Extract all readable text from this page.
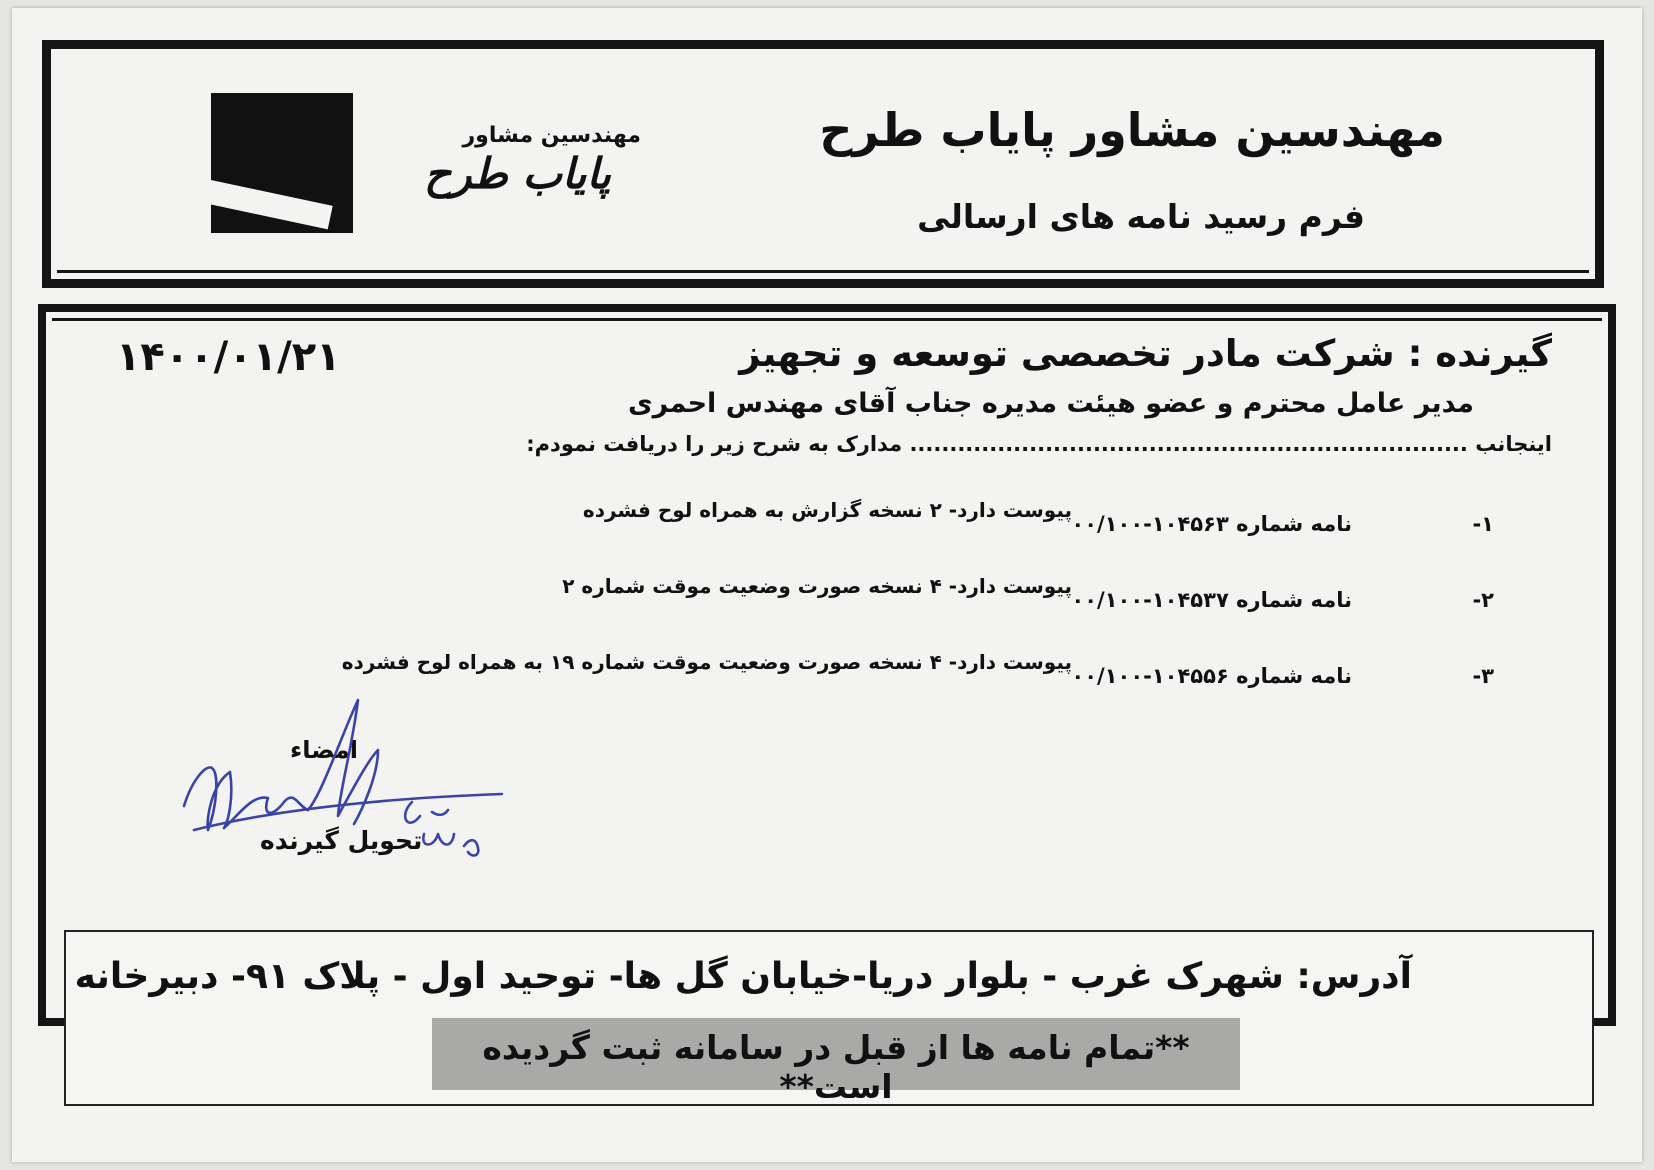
مهندسین مشاور
پایاب طرح
مهندسین مشاور پایاب طرح
فرم رسید نامه های ارسالی
۱۴۰۰/۰۱/۲۱	گیرنده : شرکت مادر تخصصی توسعه و تجهیز
مدیر عامل محترم و عضو هیئت مدیره جناب آقای مهندس احمری
اینجانب ...................................................................... مدارک به شرح زیر را دریافت نمودم:
۱-
نامه شماره ۱۰۴۵۶۳-۰۰/۱۰۰
پیوست دارد- ۲ نسخه گزارش به همراه لوح فشرده
۲-
نامه شماره ۱۰۴۵۳۷-۰۰/۱۰۰
پیوست دارد- ۴ نسخه صورت وضعیت موقت شماره ۲
۳-
نامه شماره ۱۰۴۵۵۶-۰۰/۱۰۰
پیوست دارد- ۴ نسخه صورت وضعیت موقت شماره ۱۹ به همراه لوح فشرده
امضاء
تحویل گیرنده
آدرس: شهرک غرب - بلوار دریا-خیابان گل ها- توحید اول - پلاک ۹۱- دبیرخانه
**تمام نامه ها از قبل در سامانه ثبت گردیده است**
